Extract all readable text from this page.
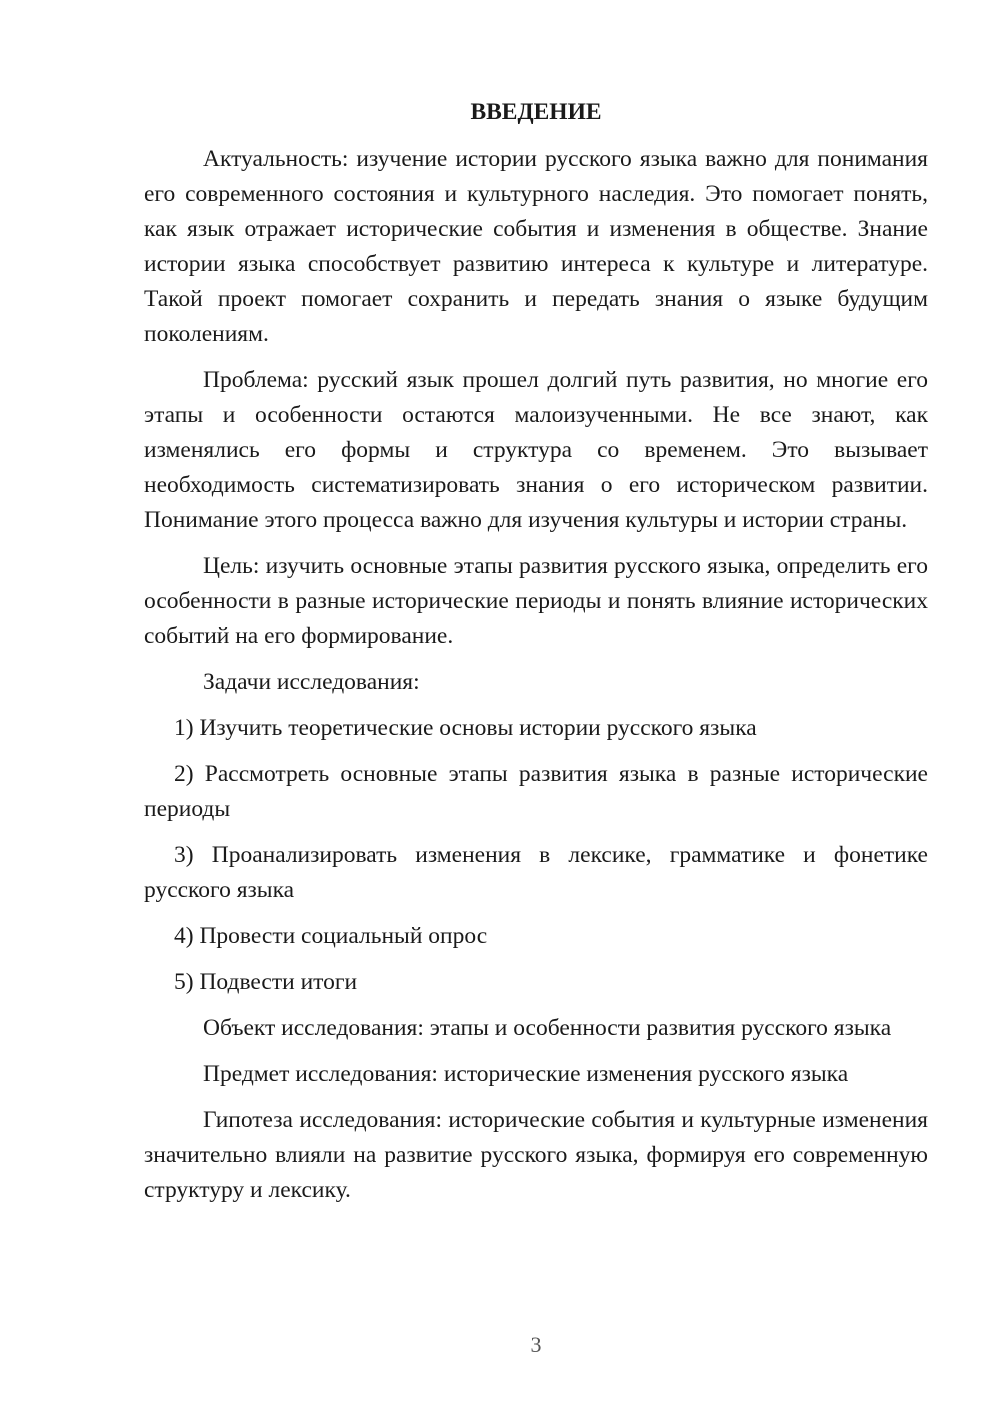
ВВЕДЕНИЕ

Актуальность: изучение истории русского языка важно для понимания его современного состояния и культурного наследия. Это помогает понять, как язык отражает исторические события и изменения в обществе. Знание истории языка способствует развитию интереса к культуре и литературе. Такой проект помогает сохранить и передать знания о языке будущим поколениям.

Проблема: русский язык прошел долгий путь развития, но многие его этапы и особенности остаются малоизученными. Не все знают, как изменялись его формы и структура со временем. Это вызывает необходимость систематизировать знания о его историческом развитии. Понимание этого процесса важно для изучения культуры и истории страны.

Цель: изучить основные этапы развития русского языка, определить его особенности в разные исторические периоды и понять влияние исторических событий на его формирование.

Задачи исследования:

1) Изучить теоретические основы истории русского языка

2) Рассмотреть основные этапы развития языка в разные исторические периоды

3) Проанализировать изменения в лексике, грамматике и фонетике русского языка

4) Провести социальный опрос

5) Подвести итоги

Объект исследования: этапы и особенности развития русского языка

Предмет исследования: исторические изменения русского языка

Гипотеза исследования: исторические события и культурные изменения значительно влияли на развитие русского языка, формируя его современную структуру и лексику.

3
